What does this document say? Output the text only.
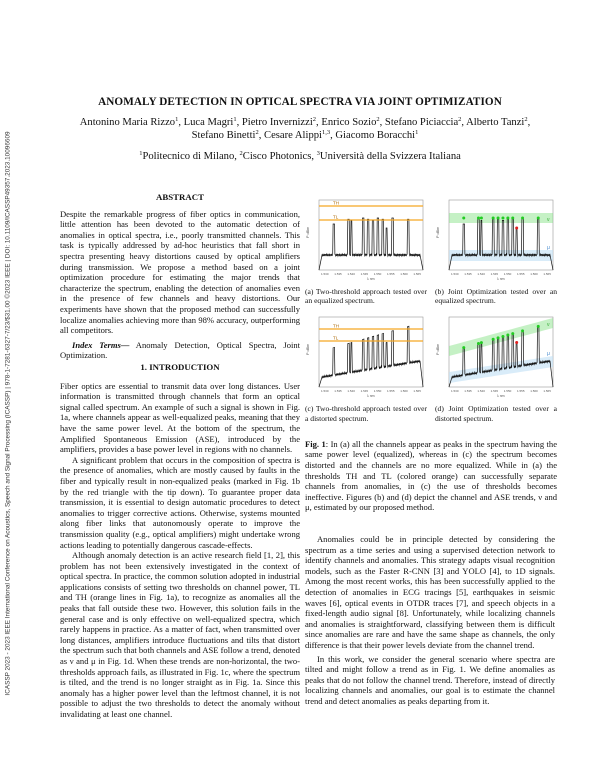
ICASSP 2023 - 2023 IEEE International Conference on Acoustics, Speech and Signal Processing (ICASSP) | 978-1-7281-6327-7/23/$31.00 ©2023 IEEE | DOI: 10.1109/ICASSP49357.2023.10096609
ANOMALY DETECTION IN OPTICAL SPECTRA VIA JOINT OPTIMIZATION
Antonino Maria Rizzo$^1$, Luca Magri$^1$, Pietro Invernizzi$^2$, Enrico Sozio$^2$, Stefano Piciaccia$^2$, Alberto Tanzi$^2$,
Stefano Binetti$^2$, Cesare Alippi$^{1,3}$, Giacomo Boracchi$^1$
$^1$Politecnico di Milano, $^2$Cisco Photonics, $^3$Università della Svizzera Italiana
ABSTRACT

Despite the remarkable progress of fiber optics in communication, little attention has been devoted to the automatic detection of anomalies in optical spectra, i.e., poorly transmitted channels. This task is typically addressed by ad-hoc heuristics that fall short in spectra presenting heavy distortions caused by optical amplifiers during transmission. We propose a method based on a joint optimization procedure for estimating the major trends that characterize the spectrum, enabling the detection of anomalies even in the presence of few channels and heavy distortions. Our experiments have shown that the proposed method can successfully localize anomalies achieving more than 98% accuracy, outperforming all competitors.

Index Terms— Anomaly Detection, Optical Spectra, Joint Optimization.

1. INTRODUCTION

Fiber optics are essential to transmit data over long distances. User information is transmitted through channels that form an optical signal called spectrum. An example of such a signal is shown in Fig. 1a, where channels appear as well-equalized peaks, meaning that they have the same power level. At the bottom of the spectrum, the Amplified Spontaneous Emission (ASE), introduced by the amplifiers, provides a base power level in regions with no channels.

A significant problem that occurs in the composition of spectra is the presence of anomalies, which are mostly caused by faults in the fiber and typically result in non-equalized peaks (marked in Fig. 1b by the red triangle with the tip down). To guarantee proper data transmission, it is essential to design automatic procedures to detect anomalies to trigger corrective actions. Otherwise, systems mounted along fiber links that autonomously operate to improve the transmission quality (e.g., optical amplifiers) might undertake wrong actions leading to potentially dangerous cascade-effects.

Although anomaly detection is an active research field [1, 2], this problem has not been extensively investigated in the context of optical spectra. In practice, the common solution adopted in industrial applications consists of setting two thresholds on channel power, TL and TH (orange lines in Fig. 1a), to recognize as anomalies all the peaks that fall outside these two. However, this solution fails in the general case and is only effective on well-equalized spectra, which rarely happens in practice. As a matter of fact, when transmitted over long distances, amplifiers introduce fluctuations and tilts that distort the spectrum such that both channels and ASE follow a trend, denoted as ν and μ in Fig. 1d. When these trends are non-horizontal, the two-thresholds approach fails, as illustrated in Fig. 1c, where the spectrum is tilted, and the trend is no longer straight as in Fig. 1a. Since this anomaly has a higher power level than the leftmost channel, it is not possible to adjust the two thresholds to detect the anomaly without invalidating at least one channel.

TH
TL
P dBm
1.530 1.535 1.540 1.545 1.550 1.555 1.560 1.565
λ nm
(a) Two-threshold approach tested over an equalized spectrum.
ν
μ
P dBm
1.530 1.535 1.540 1.545 1.550 1.555 1.560 1.565
λ nm
(b) Joint Optimization tested over an equalized spectrum.
TH
TL
P dBm
1.530 1.535 1.540 1.545 1.550 1.555 1.560 1.565
λ nm
(c) Two-threshold approach tested over a distorted spectrum.
ν
μ
P dBm
1.530 1.535 1.540 1.545 1.550 1.555 1.560 1.565
λ nm
(d) Joint Optimization tested over a distorted spectrum.
Fig. 1: In (a) all the channels appear as peaks in the spectrum having the same power level (equalized), whereas in (c) the spectrum becomes distorted and the channels are no more equalized. While in (a) the thresholds TH and TL (colored orange) can successfully separate channels from anomalies, in (c) the use of thresholds becomes ineffective. Figures (b) and (d) depict the channel and ASE trends, ν and μ, estimated by our proposed method.

Anomalies could be in principle detected by considering the spectrum as a time series and using a supervised detection network to identify channels and anomalies. This strategy adapts visual recognition models, such as the Faster R-CNN [3] and YOLO [4], to 1D signals. Among the most recent works, this has been successfully applied to the detection of anomalies in ECG tracings [5], earthquakes in seismic waves [6], optical events in OTDR traces [7], and speech objects in a fixed-length audio signal [8]. Unfortunately, while localizing channels and anomalies is straightforward, classifying between them is difficult since anomalies are rare and have the same shape as channels, the only difference is that their power levels deviate from the channel trend.

In this work, we consider the general scenario where spectra are tilted and might follow a trend as in Fig. 1. We define anomalies as peaks that do not follow the channel trend. Therefore, instead of directly localizing channels and anomalies, our goal is to estimate the channel trend and detect anomalies as peaks departing from it.
